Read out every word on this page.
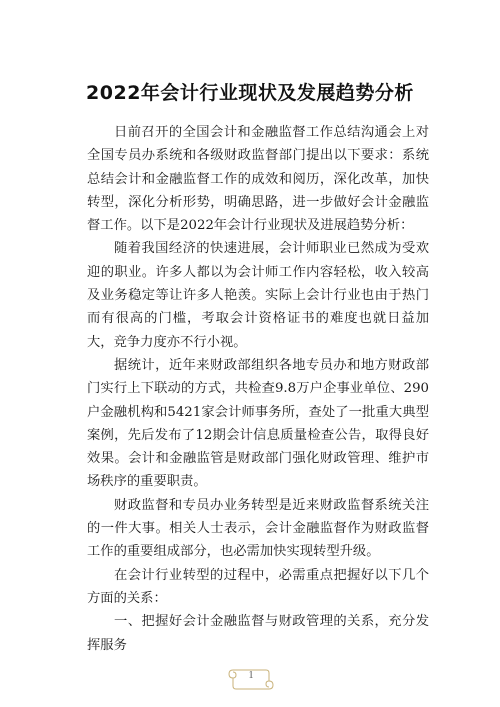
2022年会计行业现状及发展趋势分析

日前召开的全国会计和金融监督工作总结沟通会上对全国专员办系统和各级财政监督部门提出以下要求：系统总结会计和金融监督工作的成效和阅历，深化改革，加快转型，深化分析形势，明确思路，进一步做好会计金融监督工作。以下是2022年会计行业现状及进展趋势分析：

随着我国经济的快速进展，会计师职业已然成为受欢迎的职业。许多人都以为会计师工作内容轻松，收入较高及业务稳定等让许多人艳羡。实际上会计行业也由于热门而有很高的门槛，考取会计资格证书的难度也就日益加大，竞争力度亦不行小视。

据统计，近年来财政部组织各地专员办和地方财政部门实行上下联动的方式，共检查9.8万户企事业单位、290户金融机构和5421家会计师事务所，查处了一批重大典型案例，先后发布了12期会计信息质量检查公告，取得良好效果。会计和金融监管是财政部门强化财政管理、维护市场秩序的重要职责。

财政监督和专员办业务转型是近来财政监督系统关注的一件大事。相关人士表示，会计金融监督作为财政监督工作的重要组成部分，也必需加快实现转型升级。

在会计行业转型的过程中，必需重点把握好以下几个方面的关系：

一、把握好会计金融监督与财政管理的关系，充分发挥服务

1
